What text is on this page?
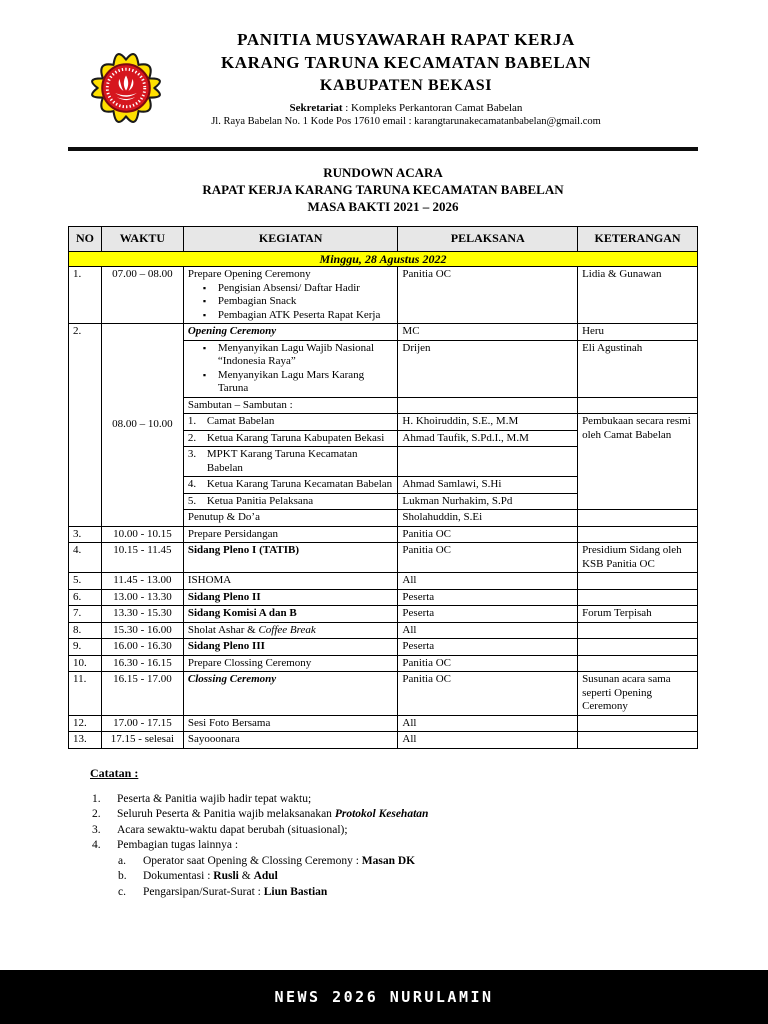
PANITIA MUSYAWARAH RAPAT KERJA
KARANG TARUNA KECAMATAN BABELAN
KABUPATEN BEKASI
Sekretariat : Kompleks Perkantoran Camat Babelan
Jl. Raya Babelan No. 1 Kode Pos 17610 email : karangtarunakecamatanbabelan@gmail.com
RUNDOWN ACARA
RAPAT KERJA KARANG TARUNA KECAMATAN BABELAN
MASA BAKTI 2021 – 2026
NO	WAKTU	KEGIATAN	PELAKSANA	KETERANGAN
Minggu, 28 Agustus 2022				
1.	07.00 – 08.00	Prepare Opening Ceremony
▪ Pengisian Absensi/ Daftar Hadir
▪ Pembagian Snack
▪ Pembagian ATK Peserta Rapat Kerja	Panitia OC	Lidia & Gunawan
2.	08.00 – 10.00	Opening Ceremony	MC	Heru

		▪ Menyanyikan Lagu Wajib Nasional “Indonesia Raya”
▪ Menyanyikan Lagu Mars Karang Taruna	Drijen	Eli Agustinah
		Sambutan – Sambutan :		

		1. Camat Babelan	H. Khoiruddin, S.E., M.M	Pembukaan secara resmi oleh Camat Babelan

		2. Ketua Karang Taruna Kabupaten Bekasi	Ahmad Taufik, S.Pd.I., M.M	

		3. MPKT Karang Taruna Kecamatan Babelan		

		4. Ketua Karang Taruna Kecamatan Babelan	Ahmad Samlawi, S.Hi	

		5. Ketua Panitia Pelaksana	Lukman Nurhakim, S.Pd	
		Penutup & Do’a	Sholahuddin, S.Ei	
3.	10.00 - 10.15	Prepare Persidangan	Panitia OC	
4.	10.15 - 11.45	Sidang Pleno I (TATIB)	Panitia OC	Presidium Sidang oleh KSB Panitia OC
5.	11.45 - 13.00	ISHOMA	All	
6.	13.00 - 13.30	Sidang Pleno II	Peserta	
7.	13.30 - 15.30	Sidang Komisi A dan B	Peserta	Forum Terpisah
8.	15.30 - 16.00	Sholat Ashar & Coffee Break	All	
9.	16.00 - 16.30	Sidang Pleno III	Peserta	
10.	16.30 - 16.15	Prepare Clossing Ceremony	Panitia OC	
11.	16.15 - 17.00	Clossing Ceremony	Panitia OC	Susunan acara sama seperti Opening Ceremony
12.	17.00 - 17.15	Sesi Foto Bersama	All	
13.	17.15 - selesai	Sayooonara	All	
Catatan :
1.	Peserta & Panitia wajib hadir tepat waktu;
2.	Seluruh Peserta & Panitia wajib melaksanakan Protokol Kesehatan
3.	Acara sewaktu-waktu dapat berubah (situasional);
4.	Pembagian tugas lainnya :
a.	Operator saat Opening & Clossing Ceremony : Masan DK
b.	Dokumentasi : Rusli & Adul
c.	Pengarsipan/Surat-Surat : Liun Bastian
NEWS 2026 NURULAMIN
